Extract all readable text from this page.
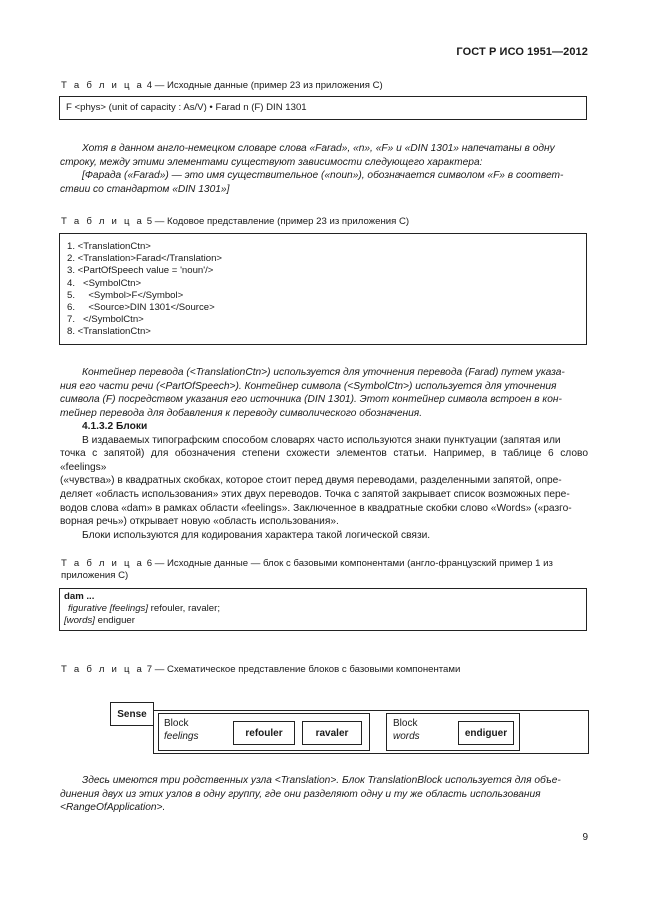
ГОСТ Р ИСО 1951—2012
Т а б л и ц а 4 — Исходные данные (пример 23 из приложения С)
F <phys> (unit of capacity : As/V) • Farad n (F) DIN 1301
Хотя в данном англо-немецком словаре слова «Farad», «n», «F» и «DIN 1301» напечатаны в одну
строку, между этими элементами существуют зависимости следующего характера:
[Фарада («Farad») — это имя существительное («noun»), обозначается символом «F» в соответ-
ствии со стандартом «DIN 1301»]
Т а б л и ц а 5 — Кодовое представление (пример 23 из приложения С)
1. <TranslationCtn>
2. <Translation>Farad</Translation>
3. <PartOfSpeech value = 'noun'/>
4.   <SymbolCtn>
5.     <Symbol>F</Symbol>
6.     <Source>DIN 1301</Source>
7.   </SymbolCtn>
8. <TranslationCtn>
Контейнер перевода (<TranslationCtn>) используется для уточнения перевода (Farad) путем указа-
ния его части речи (<PartOfSpeech>). Контейнер символа (<SymbolCtn>) используется для уточнения
символа (F) посредством указания его источника (DIN 1301). Этот контейнер символа встроен в кон-
тейнер перевода для добавления к переводу символического обозначения.
4.1.3.2 Блоки
В издаваемых типографским способом словарях часто используются знаки пунктуации (запятая или
точка с запятой) для обозначения степени схожести элементов статьи. Например, в таблице 6 слово «feelings»
(«чувства») в квадратных скобках, которое стоит перед двумя переводами, разделенными запятой, опре-
деляет «область использования» этих двух переводов. Точка с запятой закрывает список возможных пере-
водов слова «dam» в рамках области «feelings». Заключенное в квадратные скобки слово «Words» («разго-
ворная речь») открывает новую «область использования».
Блоки используются для кодирования характера такой логической связи.
Т а б л и ц а 6 — Исходные данные — блок с базовыми компонентами (англо-французский пример 1 из
приложения С)
dam ...
figurative [feelings] refouler, ravaler;
[words] endiguer
Т а б л и ц а 7 — Схематическое представление блоков с базовыми компонентами
Sense
Block
feelings	refouler	ravaler
Block
words	endiguer
Здесь имеются три родственных узла <Translation>. Блок TranslationBlock используется для объе-
динения двух из этих узлов в одну группу, где они разделяют одну и ту же область использования
<RangeOfApplication>.
9
